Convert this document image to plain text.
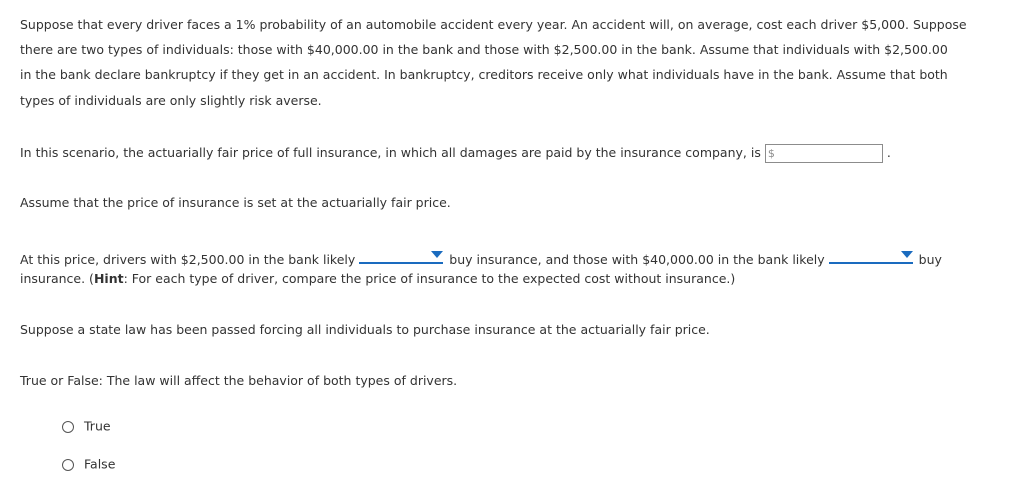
Suppose that every driver faces a 1% probability of an automobile accident every year. An accident will, on average, cost each driver $5,000. Suppose
there are two types of individuals: those with $40,000.00 in the bank and those with $2,500.00 in the bank. Assume that individuals with $2,500.00
in the bank declare bankruptcy if they get in an accident. In bankruptcy, creditors receive only what individuals have in the bank. Assume that both
types of individuals are only slightly risk averse.
In this scenario, the actuarially fair price of full insurance, in which all damages are paid by the insurance company, is $	.
Assume that the price of insurance is set at the actuarially fair price.
At this price, drivers with $2,500.00 in the bank likely	buy insurance, and those with $40,000.00 in the bank likely	buy
insurance. (Hint: For each type of driver, compare the price of insurance to the expected cost without insurance.)
Suppose a state law has been passed forcing all individuals to purchase insurance at the actuarially fair price.
True or False: The law will affect the behavior of both types of drivers.
True
False
